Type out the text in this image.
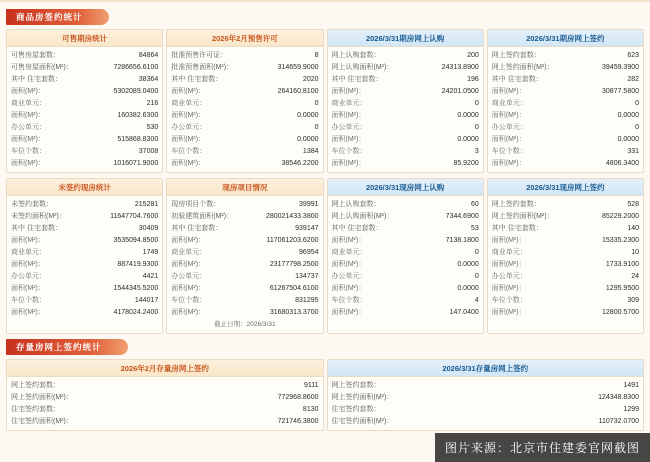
商品房签约统计
可售期房统计
可售房屋套数：	84864
可售房屋面积(M²)：	7286656.6100
其中 住宅套数：	38364
面积(M²)：	5302089.0400
商业单元：	216
面积(M²)：	160382.6300
办公单元：	530
面积(M²)：	515868.8300
车位个数：	37008
面积(M²)：	1016071.9000
2026年2月预售许可
批准预售许可证：	8
批准预售面积(M²)：	314659.9000
其中 住宅套数：	2020
面积(M²)：	264160.8100
商业单元：	0
面积(M²)：	0.0000
办公单元：	0
面积(M²)：	0.0000
车位个数：	1384
面积(M²)：	38546.2200
2026/3/31期房网上认购
网上认购套数：	200
网上认购面积(M²)：	24313.8900
其中 住宅套数：	196
面积(M²)：	24201.0500
商业单元：	0
面积(M²)：	0.0000
办公单元：	0
面积(M²)：	0.0000
车位个数：	3
面积(M²)：	85.9200
2026/3/31期房网上签约
网上签约套数：	623
网上签约面积(M²)：	39459.3900
其中 住宅套数：	282
面积(M²)：	30877.5800
商业单元：	0
面积(M²)：	0.0000
办公单元：	0
面积(M²)：	0.0000
车位个数：	331
面积(M²)：	4806.3400
未签约现房统计
未签约套数：	215281
未签约面积(M²)：	11647704.7600
其中 住宅套数：	30409
面积(M²)：	3535094.8500
商业单元：	1749
面积(M²)：	887419.9300
办公单元：	4421
面积(M²)：	1544345.5200
车位个数：	144017
面积(M²)：	4178024.2400
现房项目情况
现房项目个数：	39991
初验建筑面积(M²)：	280021433.3800
其中 住宅套数：	939147
面积(M²)：	117061203.6200
商业单元：	96954
面积(M²)：	23177798.2500
办公单元：	134737
面积(M²)：	61267504.6100
车位个数：	831295
面积(M²)：	31680313.3700
截止日期：2026/3/31
2026/3/31现房网上认购
网上认购套数：	60
网上认购面积(M²)：	7344.6900
其中 住宅套数：	53
面积(M²)：	7138.1800
商业单元：	0
面积(M²)：	0.0000
办公单元：	0
面积(M²)：	0.0000
车位个数：	4
面积(M²)：	147.0400
2026/3/31现房网上签约
网上签约套数：	528
网上签约面积(M²)：	85229.2000
其中 住宅套数：	140
面积(M²)：	15335.2300
商业单元：	10
面积(M²)：	1733.9100
办公单元：	24
面积(M²)：	1295.9500
车位个数：	309
面积(M²)：	12800.5700
存量房网上签约统计
2026年2月存量房网上签约
网上签约套数：	9111
网上签约面积(M²)：	772968.8600
住宅签约套数：	8130
住宅签约面积(M²)：	721746.3800
2026/3/31存量房网上签约
网上签约套数：	1491
网上签约面积(M²)：	124348.8300
住宅签约套数：	1299
住宅签约面积(M²)：	110732.0700
图片来源：北京市住建委官网截图
